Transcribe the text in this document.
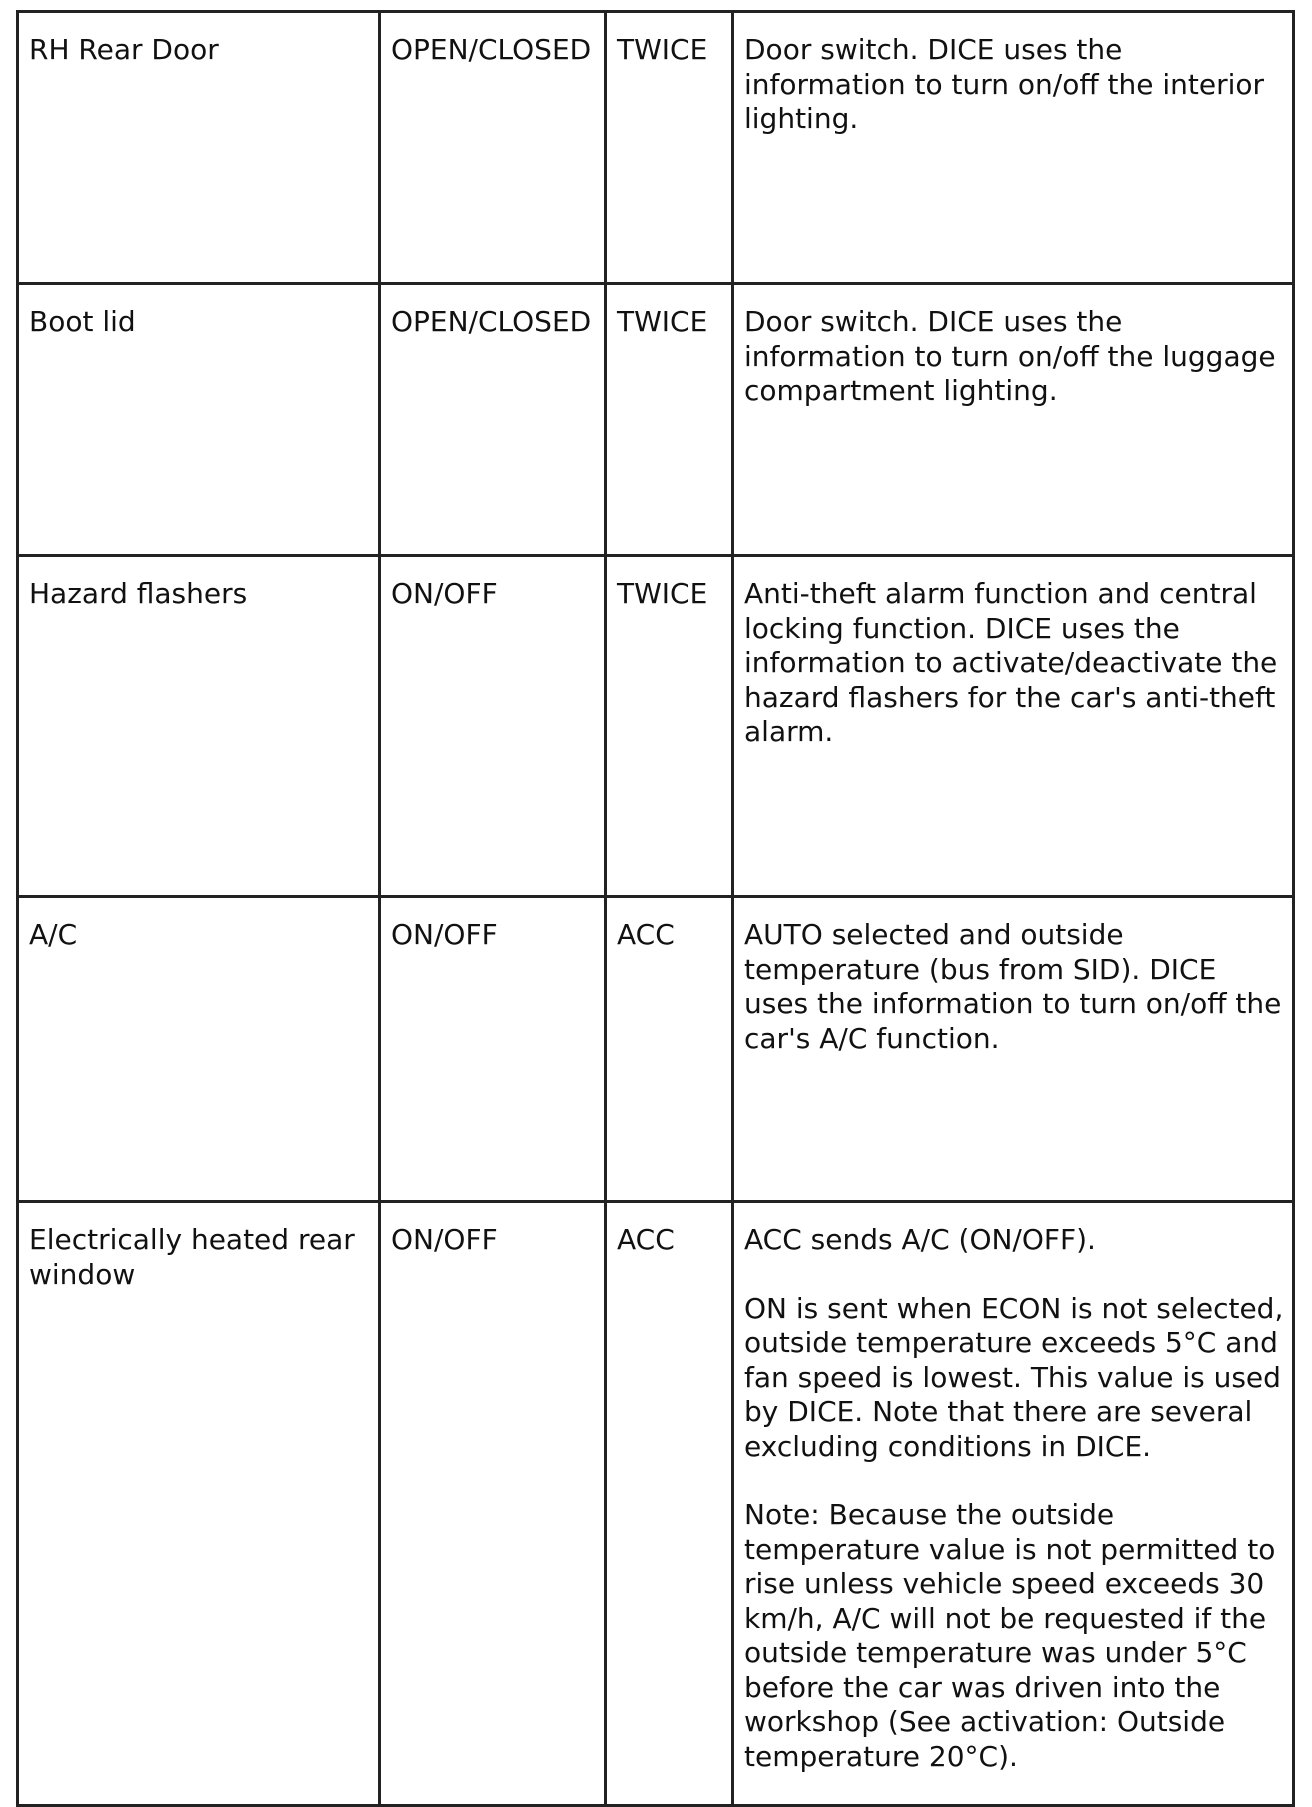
RH Rear Door	OPEN/CLOSED	TWICE	Door switch. DICE uses the information to turn on/off the interior lighting.

Boot lid	OPEN/CLOSED	TWICE	Door switch. DICE uses the information to turn on/off the luggage compartment lighting.

Hazard flashers	ON/OFF	TWICE	Anti-theft alarm function and central locking function. DICE uses the information to activate/deactivate the hazard flashers for the car's anti-theft alarm.

A/C	ON/OFF	ACC	AUTO selected and outside temperature (bus from SID). DICE uses the information to turn on/off the car's A/C function.

Electrically heated rear window	ON/OFF	ACC	ACC sends A/C (ON/OFF).

ON is sent when ECON is not selected, outside temperature exceeds 5°C and fan speed is lowest. This value is used by DICE. Note that there are several excluding conditions in DICE.

Note: Because the outside temperature value is not permitted to rise unless vehicle speed exceeds 30 km/h, A/C will not be requested if the outside temperature was under 5°C before the car was driven into the workshop (See activation: Outside temperature 20°C).
